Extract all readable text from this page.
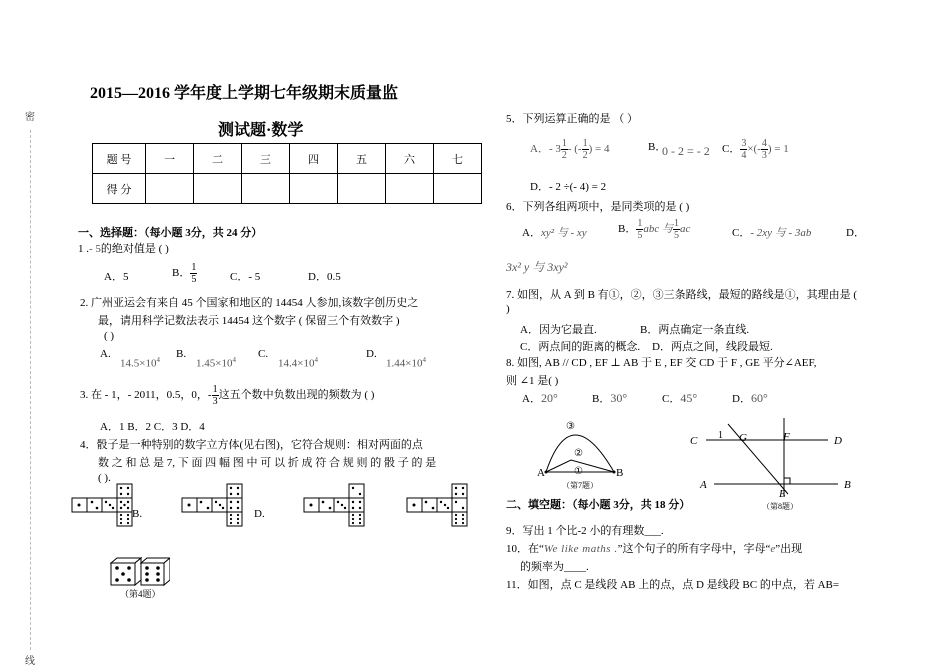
密
线
2015—2016 学年度上学期七年级期末质量监
测试题·数学
题 号	一	二	三	四	五	六	七
得 分							
一、选择题：（每小题 3分，共 24 分）
1 .- 5的绝对值是 ( )
A．5	B． $\frac{1}{5}$	C．- 5	D．0.5
2. 广州亚运会有来自 45 个国家和地区的 14454 人参加,该数字创历史之
最，请用科学记数法表示 14454 这个数字 ( 保留三个有效数字 )
( )
A.
$14.5\times 10^4$ B.
$1.45\times 10^4$ C.
$14.4\times 10^4$	D.
$1.44\times 10^4$
3. 在 - 1，- 2011，0.5，0，- $\frac{1}{3}$ 这五个数中负数出现的频数为 ( )
A．1 B．2 C．3 D．4
4．骰子是一种特别的数字立方体(见右图)，它符合规则：相对两面的点
数 之 和 总 是 7, 下 面 四 幅 图 中 可 以 折 成 符 合 规 则 的 骰 子 的 是
( ).
B.	D.
（第4题）
5．下列运算正确的是 （ ）
A．- $3 \frac{1}{2}$ - (- $\frac{1}{2}$ ) = 4	B．
0 - 2 = - 2 C． $\frac{3}{4}$ ×(- $\frac{4}{3}$ ) = 1
D．- 2 ÷(- 4) = 2
6．下列各组两项中，是同类项的是 ( )
A．xy² 与 - xy	B． $\frac{1}{5}$ abc 与 $\frac{1}{5}$ ac	C．- 2xy 与 - 3ab	D．
3x² y 与 3xy²
7. 如图，从 A 到 B 有①，②，③三条路线，最短的路线是①，其理由是 (
)
A．因为它最直.	B．两点确定一条直线.
C．两点间的距离的概念. D．两点之间，线段最短.
8. 如图, AB // CD , EF ⊥ AB 于 E , EF 交 CD 于 F , GE 平分∠AEF,
则 ∠1 是( )
A．20°	B．30°	C．45°	D．60°
A	B
③
②
①
（第7题）
C	D
A	B
E
F
G
1
（第8题）
二、填空题：（每小题 3分，共 18 分）
9．写出 1 个比-2 小的有理数___.
10．在“We like maths .”这个句子的所有字母中，字母“e”出现
的频率为____.
11．如图，点 C 是线段 AB 上的点，点 D 是线段 BC 的中点，若 AB=
